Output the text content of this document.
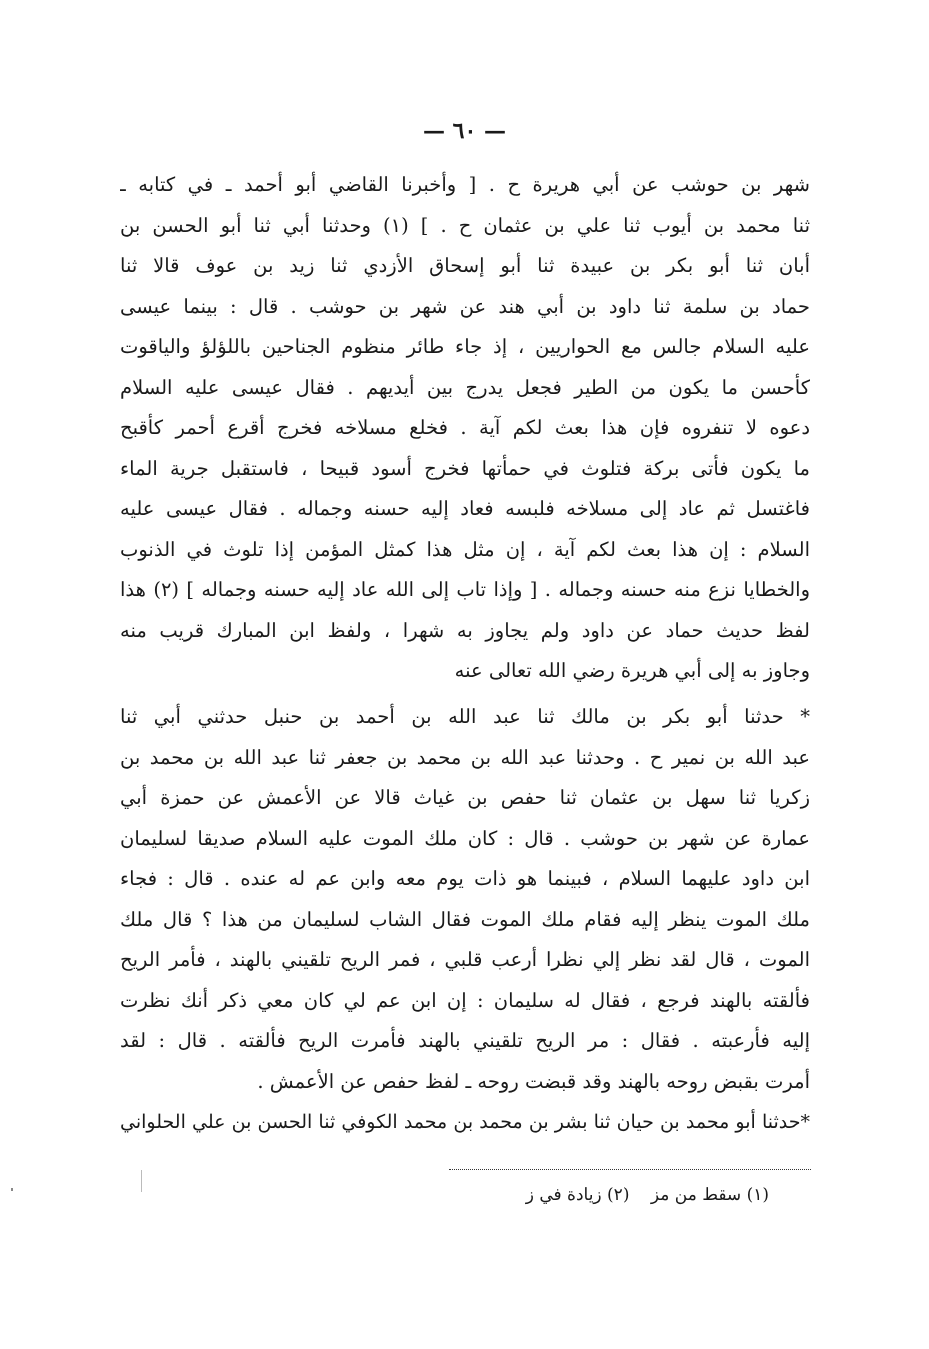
— ٦٠ —
شهر بن حوشب عن أبي هريرة ح . [ وأخبرنا القاضي أبو أحمد ـ في كتابه ـ
ثنا محمد بن أيوب ثنا علي بن عثمان ح . ] (١) وحدثنا أبي ثنا أبو الحسن بن
أبان ثنا أبو بكر بن عبيدة ثنا أبو إسحاق الأزدي ثنا زيد بن عوف قالا ثنا
حماد بن سلمة ثنا داود بن أبي هند عن شهر بن حوشب . قال : بينما عيسى
عليه السلام جالس مع الحواريين ، إذ جاء طائر منظوم الجناحين باللؤلؤ والياقوت
كأحسن ما يكون من الطير فجعل يدرج بين أيديهم . فقال عيسى عليه السلام
دعوه لا تنفروه فإن هذا بعث لكم آية . فخلع مسلاخه فخرج أقرع أحمر كأقبح
ما يكون فأتى بركة فتلوث في حمأتها فخرج أسود قبيحا ، فاستقبل جرية الماء
فاغتسل ثم عاد إلى مسلاخه فلبسه فعاد إليه حسنه وجماله . فقال عيسى عليه
السلام : إن هذا بعث لكم آية ، إن مثل هذا كمثل المؤمن إذا تلوث في الذنوب
والخطايا نزع منه حسنه وجماله . [ وإذا تاب إلى الله عاد إليه حسنه وجماله ] (٢) هذا
لفظ حديث حماد عن داود ولم يجاوز به شهرا ، ولفظ ابن المبارك قريب منه
وجاوز به إلى أبي هريرة رضي الله تعالى عنه
* حدثنا أبو بكر بن مالك ثنا عبد الله بن أحمد بن حنبل حدثني أبي ثنا
عبد الله بن نمير ح . وحدثنا عبد الله بن محمد بن جعفر ثنا عبد الله بن محمد بن
زكريا ثنا سهل بن عثمان ثنا حفص بن غياث قالا عن الأعمش عن حمزة أبي
عمارة عن شهر بن حوشب . قال : كان ملك الموت عليه السلام صديقا لسليمان
ابن داود عليهما السلام ، فبينما هو ذات يوم معه وابن عم له عنده . قال : فجاء
ملك الموت ينظر إليه فقام ملك الموت فقال الشاب لسليمان من هذا ؟ قال ملك
الموت ، قال لقد نظر إلي نظرا أرعب قلبي ، فمر الريح تلقيني بالهند ، فأمر الريح
فألقته بالهند فرجع ، فقال له سليمان : إن ابن عم لي كان معي ذكر أنك نظرت
إليه فأرعبته . فقال : مر الريح تلقيني بالهند فأمرت الريح فألقته . قال : لقد
أمرت بقبض روحه بالهند وقد قبضت روحه ـ لفظ حفص عن الأعمش .
*حدثنا أبو محمد بن حيان ثنا بشر بن محمد بن محمد الكوفي ثنا الحسن بن علي الحلواني
(١) سقط من مز (٢) زيادة في ز
